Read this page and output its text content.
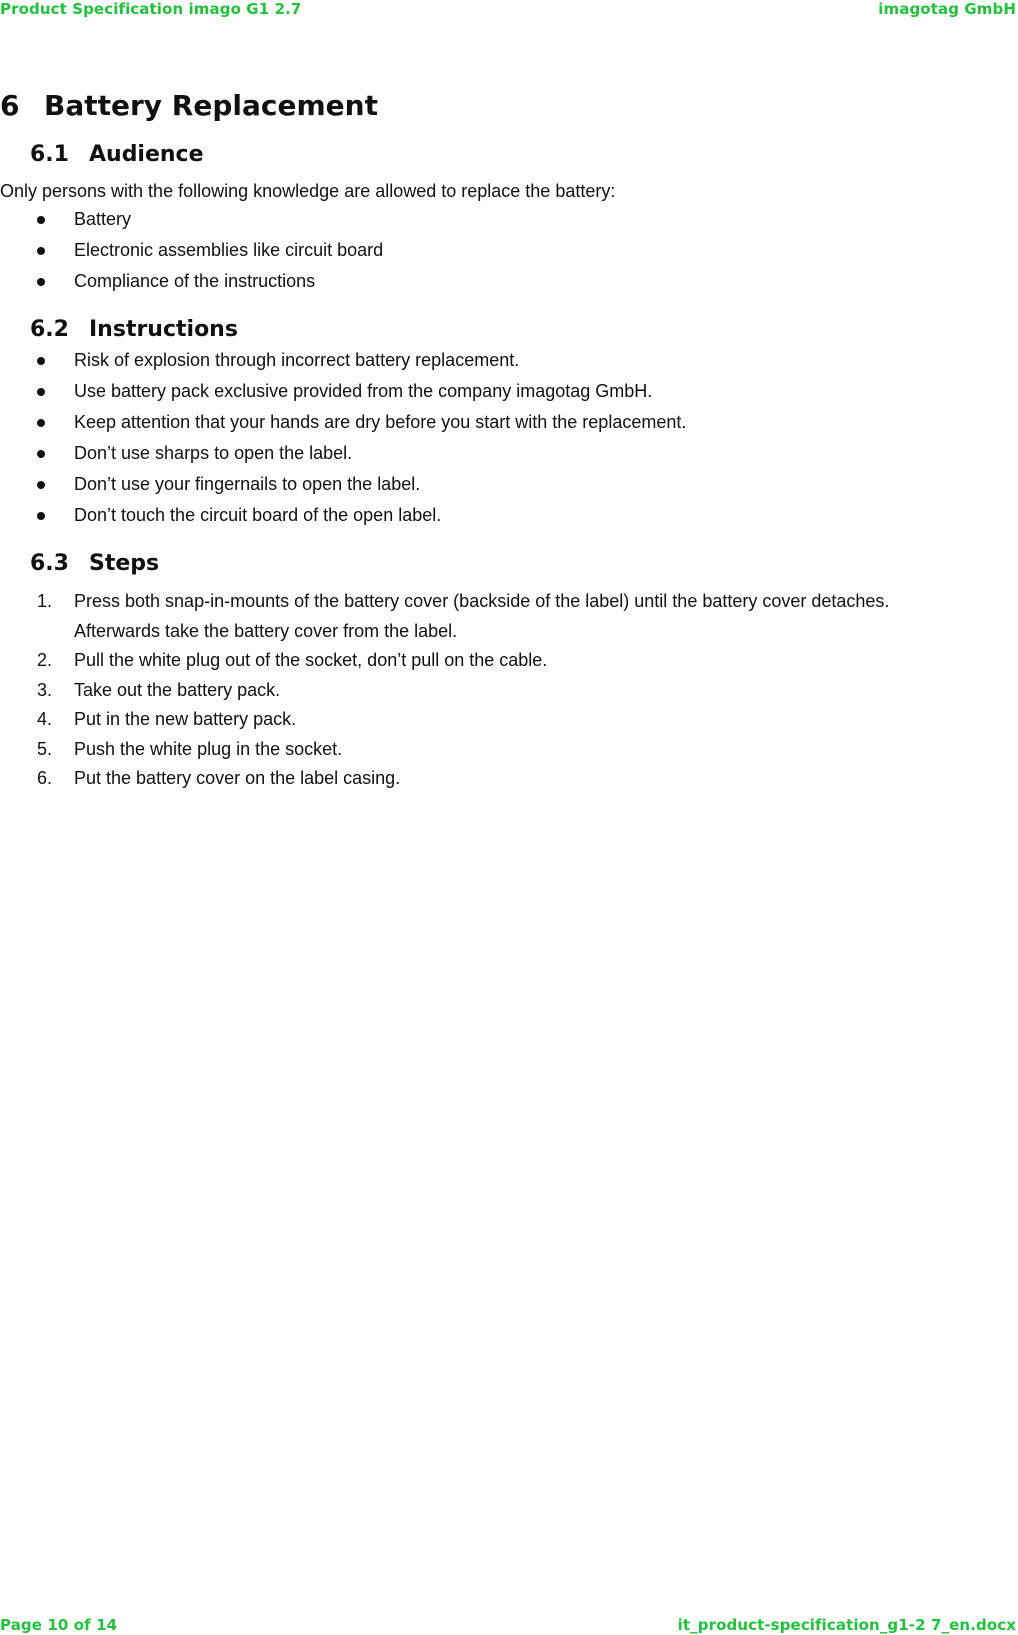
Product Specification imago G1 2.7	imagotag GmbH
6 Battery Replacement
6.1 Audience

Only persons with the following knowledge are allowed to replace the battery:

Battery
Electronic assemblies like circuit board
Compliance of the instructions
6.2 Instructions
Risk of explosion through incorrect battery replacement.
Use battery pack exclusive provided from the company imagotag GmbH.
Keep attention that your hands are dry before you start with the replacement.
Don’t use sharps to open the label.
Don’t use your fingernails to open the label.
Don’t touch the circuit board of the open label.
6.3 Steps
1. Press both snap-in-mounts of the battery cover (backside of the label) until the battery cover detaches. Afterwards take the battery cover from the label.
2. Pull the white plug out of the socket, don’t pull on the cable.
3. Take out the battery pack.
4. Put in the new battery pack.
5. Push the white plug in the socket.
6. Put the battery cover on the label casing.
Page 10 of 14	it_product-specification_g1-2 7_en.docx
